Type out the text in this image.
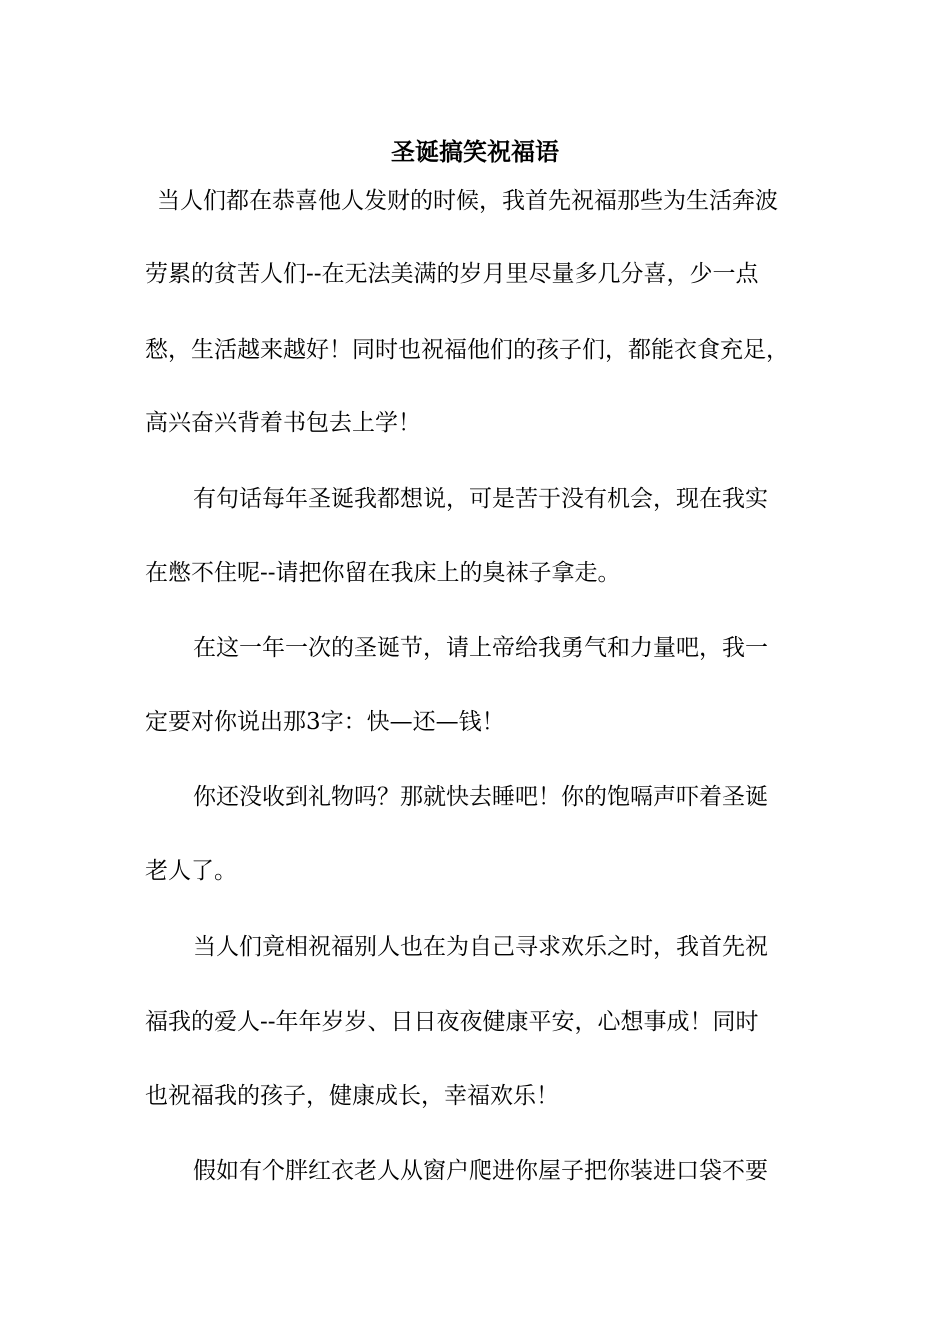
圣诞搞笑祝福语
当人们都在恭喜他人发财的时候，我首先祝福那些为生活奔波
劳累的贫苦人们--在无法美满的岁月里尽量多几分喜，少一点
愁，生活越来越好！同时也祝福他们的孩子们，都能衣食充足，
高兴奋兴背着书包去上学！
有句话每年圣诞我都想说，可是苦于没有机会，现在我实
在憋不住呢--请把你留在我床上的臭袜子拿走。
在这一年一次的圣诞节，请上帝给我勇气和力量吧，我一
定要对你说出那3字：快—还—钱！
你还没收到礼物吗？那就快去睡吧！你的饱嗝声吓着圣诞
老人了。
当人们竟相祝福别人也在为自己寻求欢乐之时，我首先祝
福我的爱人--年年岁岁、日日夜夜健康平安，心想事成！同时
也祝福我的孩子，健康成长，幸福欢乐！
假如有个胖红衣老人从窗户爬进你屋子把你装进口袋不要
